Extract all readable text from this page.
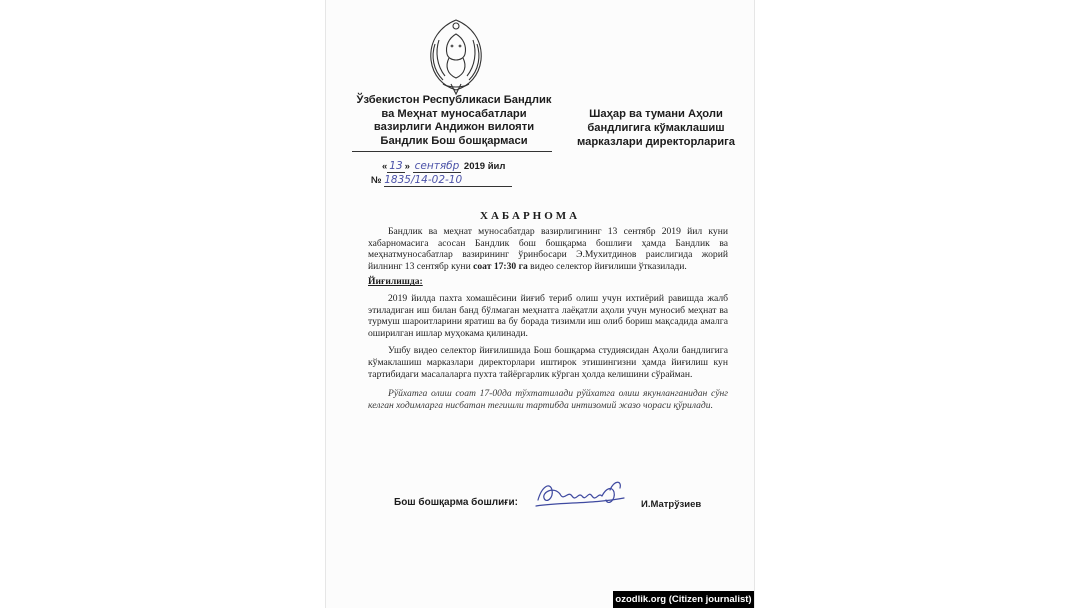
Ўзбекистон Республикаси Бандлик
ва Меҳнат муносабатлари
вазирлиги Андижон вилояти
Бандлик Бош бошқармаси
Шаҳар ва тумани Аҳоли
бандлигига кўмаклашиш
марказлари директорларига
« 13 » сентябр 2019 йил
№ 1835/14-02-10
ХАБАРНОМА

Бандлик ва меҳнат муносабатдар вазирлигининг 13 сентябр 2019 йил куни хабарномасига асосан Бандлик бош бошқарма бошлиғи ҳамда Бандлик ва меҳнатмуносабатлар вазирининг ўринбосари Э.Мухитдинов раислигида жорий йилнинг 13 сентябр куни соат 17:30 га видео селектор йиғилиши ўтказилади.

Йиғилишда:

2019 йилда пахта хомашёсини йиғиб териб олиш учун ихтиёрий равишда жалб этиладиган иш билан банд бўлмаган меҳнатга лаёқатли аҳоли учун муносиб меҳнат ва турмуш шароитларини яратиш ва бу борада тизимли иш олиб бориш мақсадида амалга оширилган ишлар муҳокама қилинади.

Ушбу видео селектор йиғилишида Бош бошқарма студиясидан Аҳоли бандлигига кўмаклашиш марказлари директорлари иштирок этишингизни ҳамда йиғилиш кун тартибидаги масалаларга пухта тайёргарлик кўрган ҳолда келишини сўрайман.

Рўйхатга олиш соат 17-00да тўхтатилади рўйхатга олиш якунланганидан сўнг келган ходимларга нисбатан тегишли тартибда интизомий жазо чораси қўрилади.

Бош бошқарма бошлиғи:	И.Матрўзиев
ozodlik.org (Citizen journalist)
